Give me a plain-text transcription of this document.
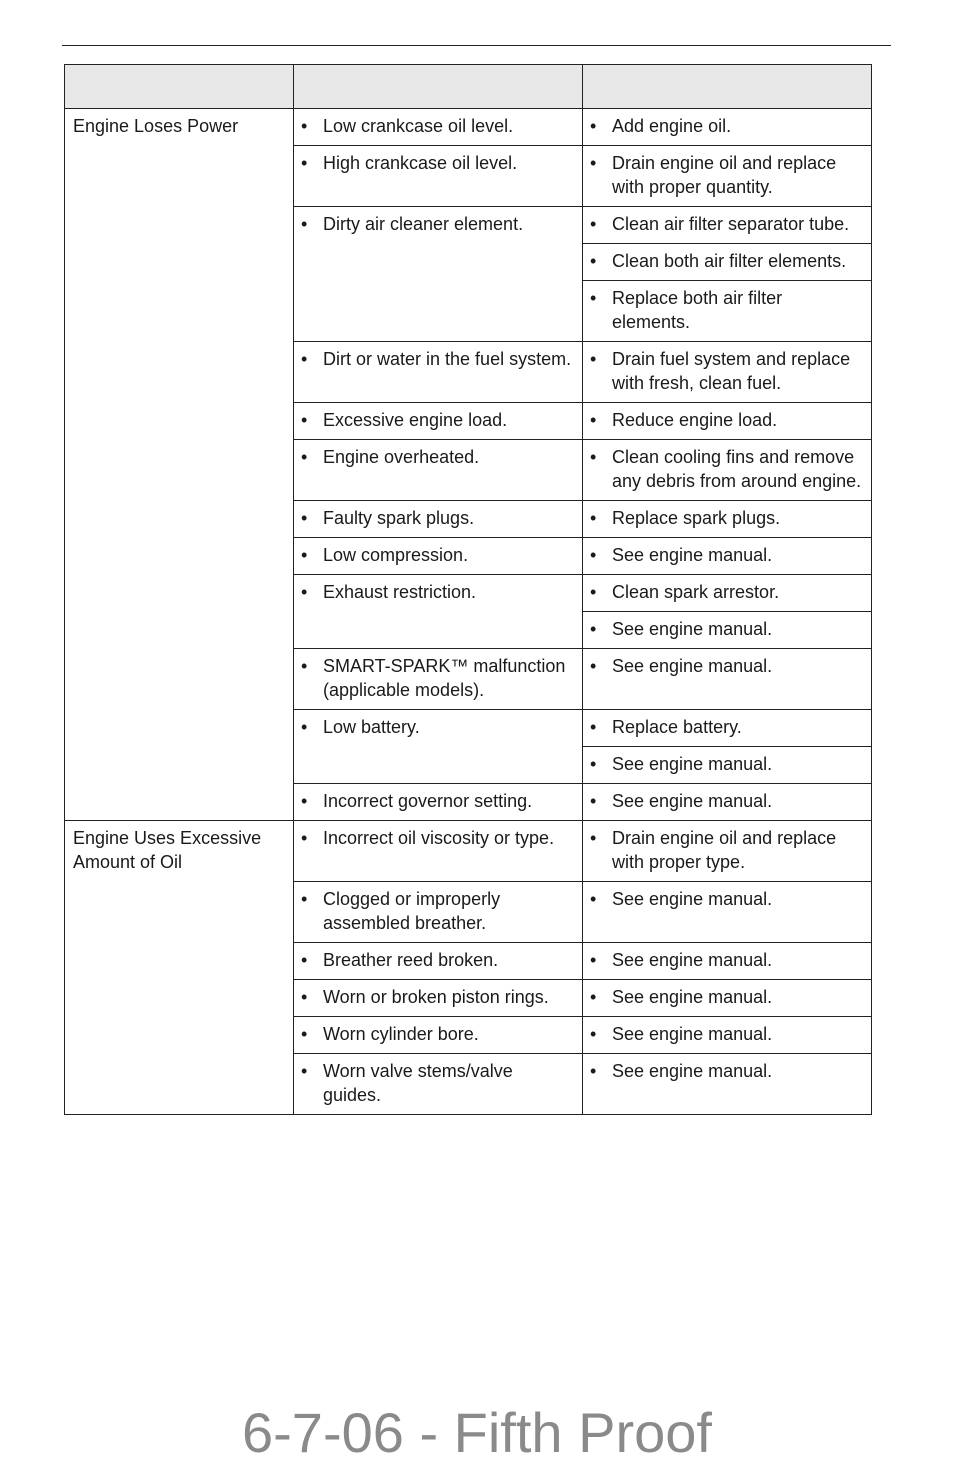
Engine Loses Power	• Low crankcase oil level.	• Add engine oil.

	• High crankcase oil level.	• Drain engine oil and replace with proper quantity.

	• Dirty air cleaner element.	• Clean air filter separator tube.

		• Clean both air filter elements.

		• Replace both air filter elements.

	• Dirt or water in the fuel system.	• Drain fuel system and replace with fresh, clean fuel.

	• Excessive engine load.	• Reduce engine load.

	• Engine overheated.	• Clean cooling fins and remove any debris from around engine.

	• Faulty spark plugs.	• Replace spark plugs.

	• Low compression.	• See engine manual.

	• Exhaust restriction.	• Clean spark arrestor.

		• See engine manual.

	• SMART-SPARK™ malfunction (applicable models).	• See engine manual.

	• Low battery.	• Replace battery.

		• See engine manual.

	• Incorrect governor setting.	• See engine manual.

Engine Uses Excessive Amount of Oil	• Incorrect oil viscosity or type.	• Drain engine oil and replace with proper type.

	• Clogged or improperly assembled breather.	• See engine manual.

	• Breather reed broken.	• See engine manual.

	• Worn or broken piston rings.	• See engine manual.

	• Worn cylinder bore.	• See engine manual.

	• Worn valve stems/valve guides.	• See engine manual.
6-7-06 - Fifth Proof
